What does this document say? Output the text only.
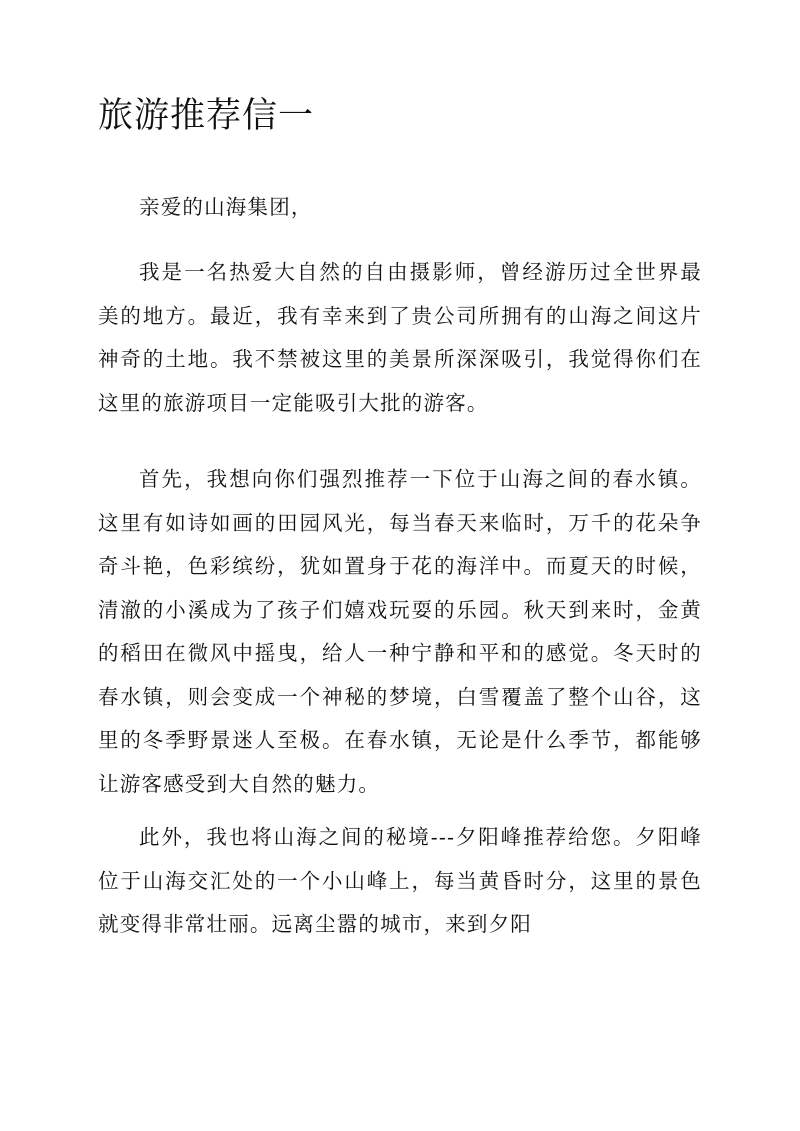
旅游推荐信一

亲爱的山海集团，

我是一名热爱大自然的自由摄影师，曾经游历过全世界最美的地方。最近，我有幸来到了贵公司所拥有的山海之间这片神奇的土地。我不禁被这里的美景所深深吸引，我觉得你们在这里的旅游项目一定能吸引大批的游客。

首先，我想向你们强烈推荐一下位于山海之间的春水镇。这里有如诗如画的田园风光，每当春天来临时，万千的花朵争奇斗艳，色彩缤纷，犹如置身于花的海洋中。而夏天的时候，清澈的小溪成为了孩子们嬉戏玩耍的乐园。秋天到来时，金黄的稻田在微风中摇曳，给人一种宁静和平和的感觉。冬天时的春水镇，则会变成一个神秘的梦境，白雪覆盖了整个山谷，这里的冬季野景迷人至极。在春水镇，无论是什么季节，都能够让游客感受到大自然的魅力。

此外，我也将山海之间的秘境---夕阳峰推荐给您。夕阳峰位于山海交汇处的一个小山峰上，每当黄昏时分，这里的景色就变得非常壮丽。远离尘嚣的城市，来到夕阳
